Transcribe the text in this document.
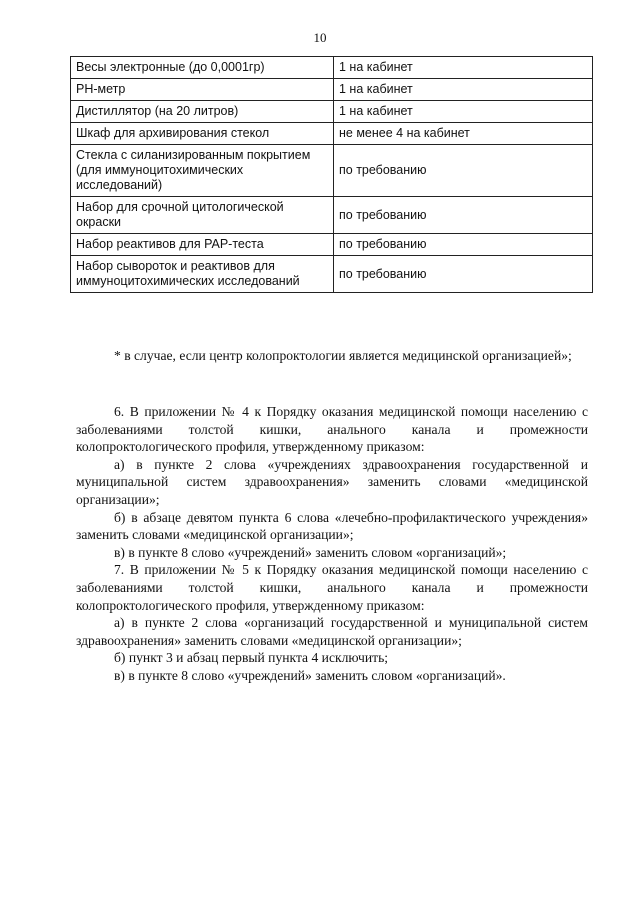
10
Весы электронные (до 0,0001гр)	1 на кабинет
PH-метр	1 на кабинет
Дистиллятор (на 20 литров)	1 на кабинет
Шкаф для архивирования стекол	не менее 4 на кабинет
Стекла с силанизированным покрытием (для иммуноцитохимических исследований)	по требованию
Набор для срочной цитологической окраски	по требованию
Набор реактивов для PAP-теста	по требованию
Набор сывороток и реактивов для иммуноцитохимических исследований	по требованию

* в случае, если центр колопроктологии является медицинской организацией»;

6. В приложении № 4 к Порядку оказания медицинской помощи населению с заболеваниями толстой кишки, анального канала и промежности колопроктологического профиля, утвержденному приказом:

а) в пункте 2 слова «учреждениях здравоохранения государственной и муниципальной систем здравоохранения» заменить словами «медицинской организации»;

б) в абзаце девятом пункта 6 слова «лечебно-профилактического учреждения» заменить словами «медицинской организации»;

в) в пункте 8 слово «учреждений» заменить словом «организаций»;

7. В приложении № 5 к Порядку оказания медицинской помощи населению с заболеваниями толстой кишки, анального канала и промежности колопроктологического профиля, утвержденному приказом:

а) в пункте 2 слова «организаций государственной и муниципальной систем здравоохранения» заменить словами «медицинской организации»;

б) пункт 3 и абзац первый пункта 4 исключить;

в) в пункте 8 слово «учреждений» заменить словом «организаций».
